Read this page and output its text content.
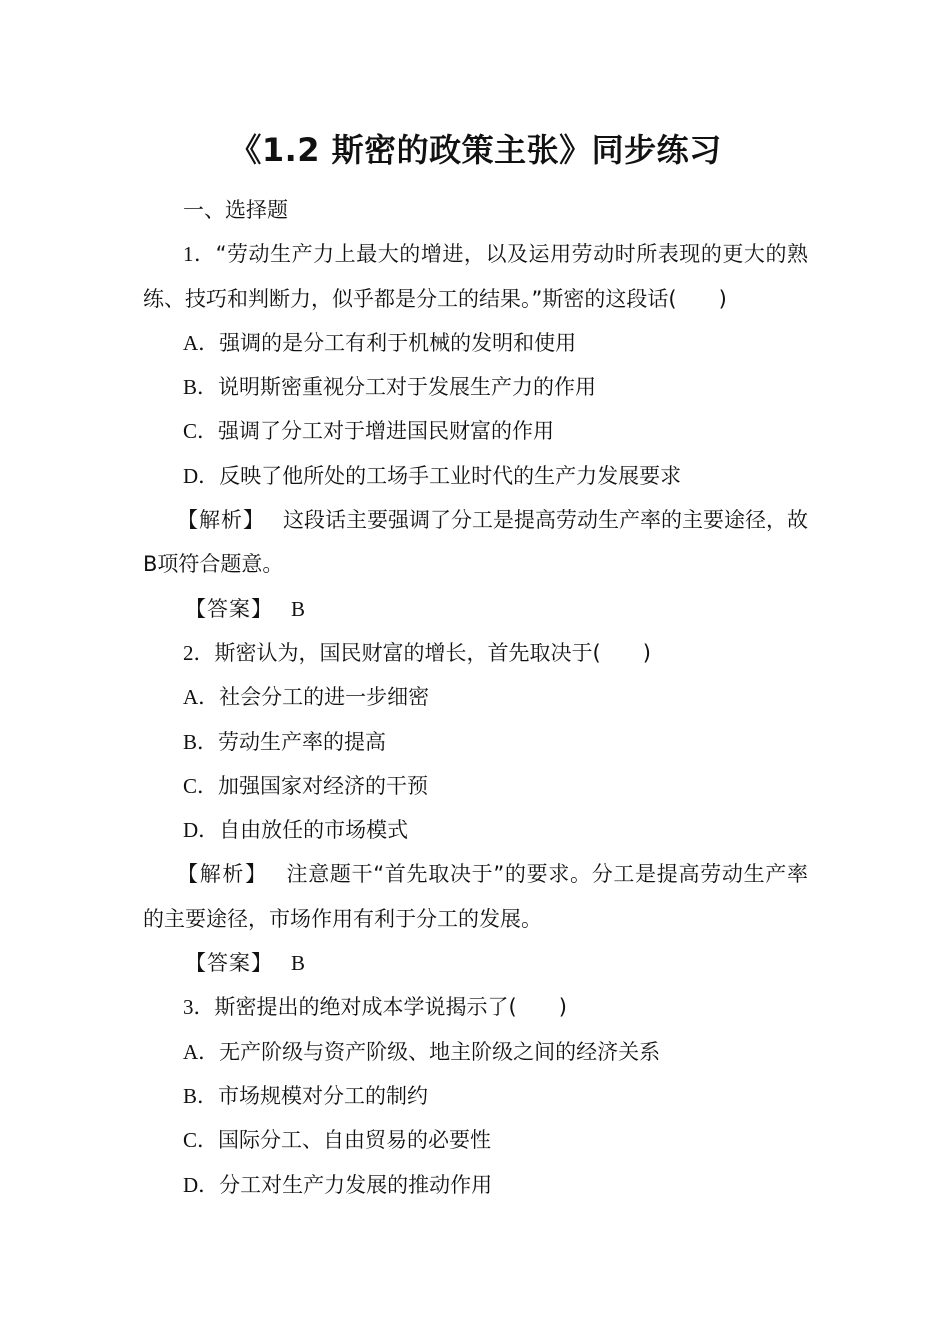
《1.2 斯密的政策主张》同步练习

一、选择题

1．“劳动生产力上最大的增进，以及运用劳动时所表现的更大的熟练、技巧和判断力，似乎都是分工的结果。”斯密的这段话(　　)

A．强调的是分工有利于机械的发明和使用

B．说明斯密重视分工对于发展生产力的作用

C．强调了分工对于增进国民财富的作用

D．反映了他所处的工场手工业时代的生产力发展要求

【解析】 这段话主要强调了分工是提高劳动生产率的主要途径，故B项符合题意。

【答案】 B

2．斯密认为，国民财富的增长，首先取决于(　　)

A．社会分工的进一步细密

B．劳动生产率的提高

C．加强国家对经济的干预

D．自由放任的市场模式

【解析】 注意题干“首先取决于”的要求。分工是提高劳动生产率的主要途径，市场作用有利于分工的发展。

【答案】 B

3．斯密提出的绝对成本学说揭示了(　　)

A．无产阶级与资产阶级、地主阶级之间的经济关系

B．市场规模对分工的制约

C．国际分工、自由贸易的必要性

D．分工对生产力发展的推动作用
